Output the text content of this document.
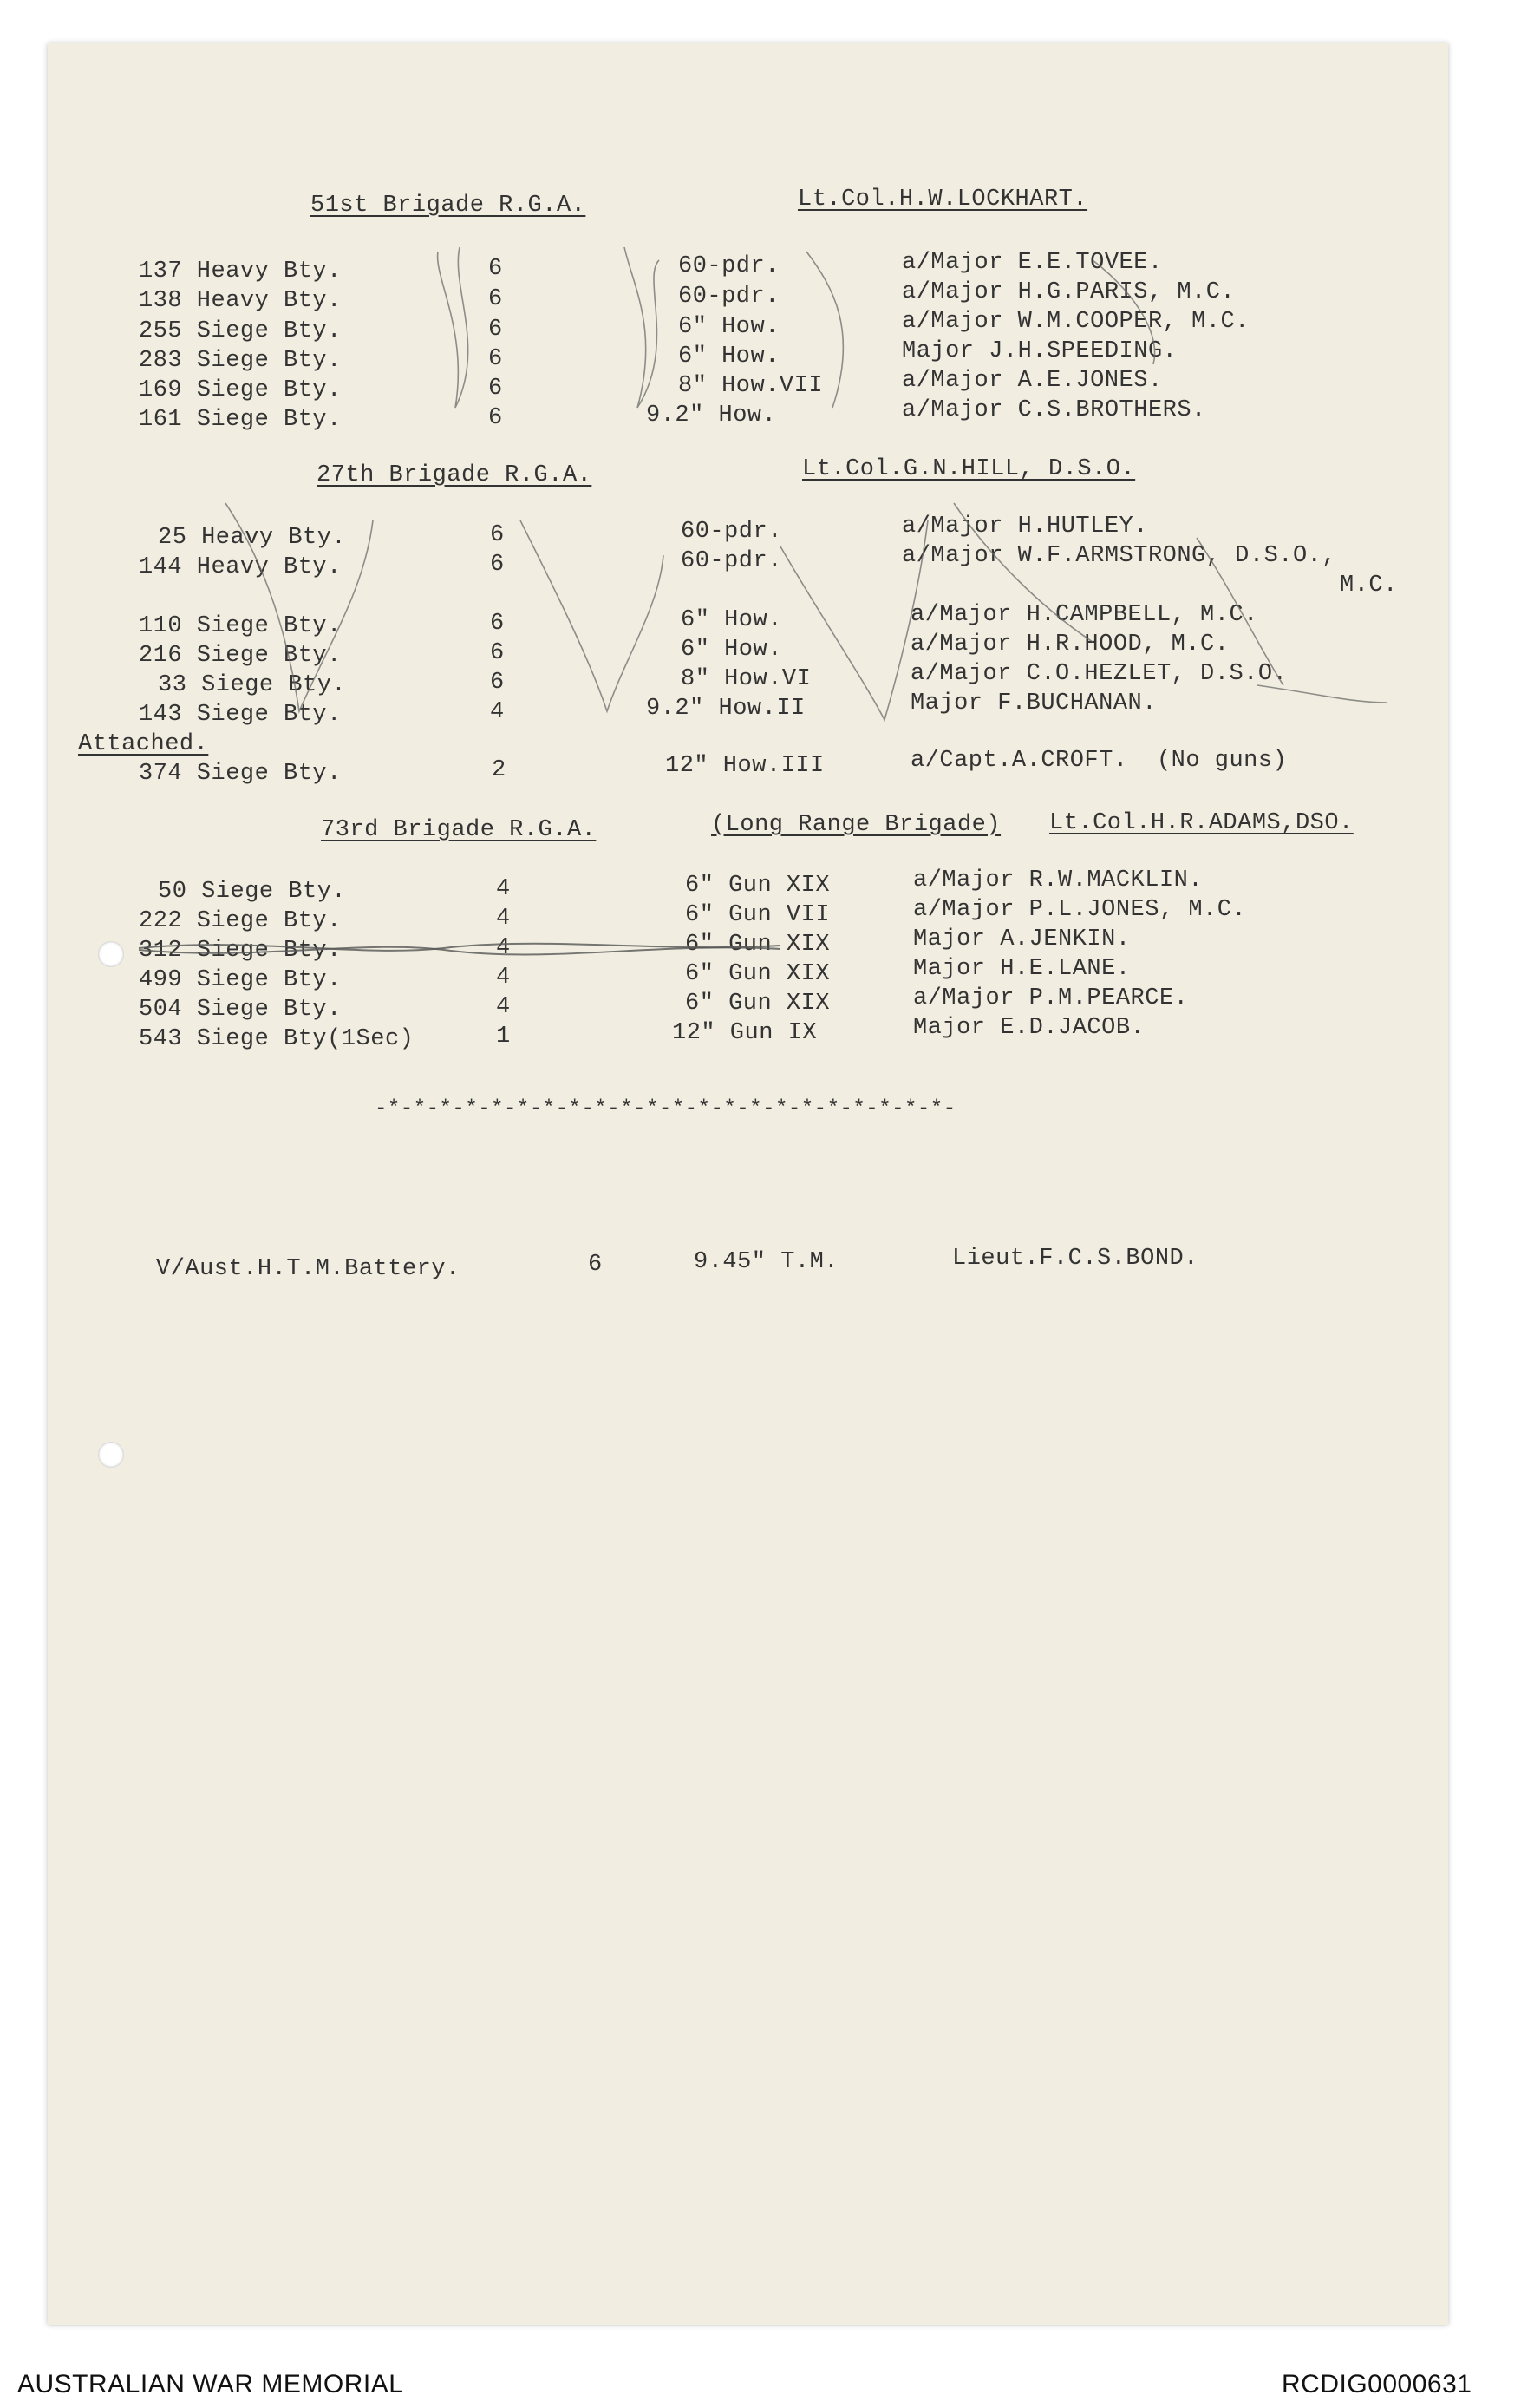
51st Brigade R.G.A.	Lt.Col.H.W.LOCKHART.
137 Heavy Bty.	6	60-pdr.	a/Major E.E.TOVEE.
138 Heavy Bty.	6	60-pdr.	a/Major H.G.PARIS, M.C.
255 Siege Bty.	6	6" How.	a/Major W.M.COOPER, M.C.
283 Siege Bty.	6	6" How.	Major J.H.SPEEDING.
169 Siege Bty.	6	8" How.VII	a/Major A.E.JONES.
161 Siege Bty.	6	9.2" How.	a/Major C.S.BROTHERS.
27th Brigade R.G.A.	Lt.Col.G.N.HILL, D.S.O.
25 Heavy Bty.	6	60-pdr.	a/Major H.HUTLEY.
144 Heavy Bty.	6	60-pdr.	a/Major W.F.ARMSTRONG, D.S.O.,
M.C.
110 Siege Bty.	6	6" How.	a/Major H.CAMPBELL, M.C.
216 Siege Bty.	6	6" How.	a/Major H.R.HOOD, M.C.
33 Siege Bty.	6	8" How.VI	a/Major C.O.HEZLET, D.S.O.
143 Siege Bty.	4	9.2" How.II	Major F.BUCHANAN.
Attached.
374 Siege Bty.	2	12" How.III	a/Capt.A.CROFT.  (No guns)
73rd Brigade R.G.A.	(Long Range Brigade) Lt.Col.H.R.ADAMS,DSO.
50 Siege Bty.	4	6" Gun XIX	a/Major R.W.MACKLIN.
222 Siege Bty.	4	6" Gun VII	a/Major P.L.JONES, M.C.
312 Siege Bty.	4	6" Gun XIX	Major A.JENKIN.
499 Siege Bty.	4	6" Gun XIX	Major H.E.LANE.
504 Siege Bty.	4	6" Gun XIX	a/Major P.M.PEARCE.
543 Siege Bty(1Sec)	1	12" Gun IX	Major E.D.JACOB.
-*-*-*-*-*-*-*-*-*-*-*-*-*-*-*-*-*-*-*-*-*-*-
V/Aust.H.T.M.Battery.	6	9.45" T.M.	Lieut.F.C.S.BOND.
AUSTRALIAN WAR MEMORIAL	RCDIG0000631
